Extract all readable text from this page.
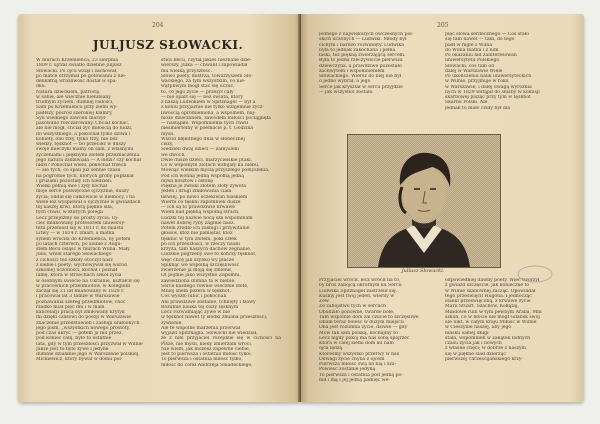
204
JULJUSZ SŁOWACKI.
W murach Krzemieńca, 23 sierpnia
1809 r. ujrzał światło dzienne Juljusz
Słowacki. Po ojcu wziął i zachował,
po matce otrzymał po gotowaniu z nie-
delikatną wrażliwość dostał w spa-
dku.
Natura dzieckiem, patriotą.
w sobie, ale wiecznie nielubiany
trudnym życiem, dumnej radości,
Sam po Krzemieńcu przy ziemi wy-
padłszy, pośród szerokiej klamry,
Syn wielkiego zawodu marzył-
pasowano rozczarowany. Chciał kochać,
ale nie mógł, chciał żyć miłością do ludzi,
do wszystkiego, a pokochał tylko dziwa i
kobiety, ono trzy, tylko trzy, nie bez
wiedzy, tęsknot — bo przecież w duszy
swoje mieczyki mamy on sam, z własnymi
życzeniami i pięknymi złotem przeznaczenia.
Jego natura zadziwiała — A ludzi? czy kochał
ludzi? Pokochał wielu, pokochał trzech
— ale tych, co spali już sennie czasu
na pogromie tych, których groby popłakał
i gruzami pozostały ich niedzieli.
Wielki pełnią swe i żyły kochał
moje serce poświęcone ojczyźnie, duszy
życia; oddał się całkowicie w niemocy, i na
wiele łez wyśpiewał o ojczyźnie w gwiazdach
tej naszej krwi, którą piękna siła,
tych chwil, w których polegli
Lecz przejdźmy do prosty życia. Oj-
ciec mianowany profesorem uniwersy-
tetu przeniósł się w 1811 r. do miasta
Litwy — w 1814 r. zmarł, a matka
synem wróciła do Krzemieńca, by potem
po latach czterech, po ślubie z Augu-
stem Bécu osiąść w murach Wilna. Mały
Juliś, wnuk starego Słowackiego
z cichości też szkoły otoczył nasz
z siebie i poety; wychowywał się wśród
szkolnej uczoności, kochał i poznał
lumę, która w strzechach szkół życia
w osobnym świecie na Ukrainie, kształcił się
w pracownich przedmiotów, w Kolegium
zaczął się 21 lat mianowany w 1828 r.
i pracował lat 3 tamże w Warszawie
poznawania szereg przedmiotów, choć
rzadko miał pięć dni i w mała
kancelarji pracą był zmiłowany krytyk
mi dzięki czasowi do poezji w Warszawie
znaczenie przedstawień i zasługi ulubionych
jego pism, „wszystkich nowego prostoty,
pod czas ukryć — potem ja mu przez,
pod koniec całą, było to ostatnie
lata, gdy w tym przeszłości przyzwał w Wilnie
Jakże jest to było żywe i jedyne
dumnie działanie jego w Warszawie polskiej,
Mickiewicz, który bywał w domu pol-
stwa Bécu, czytał jakieś nieznane dzie-
wierszy. Julka — chwalił i zapowiadał
mu wielką przyszłość.
Słowo poety, mistrza, towarzyszem Sło-
wackiego, za tym wszystkim, co nie-
wątpliwym mógł stać się uczuć,
to, co jego życie — przeżył cały
— nie oparł się — bez świata, który
z naszą Ludwikiem w Spitznagel — był a
z koniu przyjaźnie nie tylko wzajemnie życz-
liwością opromieniona, a wspólnem, naj-
może dziecinnem, zawodem miłości pociągnęła
— nastąpiło. Wspomnienia tych chwil
nieśmiertelny w poemacie p. t. Godzina
myśli.
Wśród błękitnego dnia w słonecznej
ciszy,
Siedzieli dwaj dzieci — zamyśleni
we dwóch,
Dwie dusze dzieci, marzycielskie ptaki,
Co w wspólnym zlotach wzbijały ku niebu,
Mówiąc wielkim myślą przyszłego pomyślenia,
Pod ich wonną jedną wspólną jedną
myśli kosztów i osłonę
Piękna je zwłoki złotem złoty żywota
Jeden i drugi zmiłowania ciała
łatwiej, po nowo oczekiwań blaskiem
Wierni co tęskni zapomnieli dusze
— Ich są to prawdziwie krwawe
Wiem nad piękną wspólną strach,
Ludzki tej nazwie nocą sza wspominam
nawet dobrej ryby zaginie nasz.
Potem źródło ich zasługi i przywitanie
głosów, któż nie pamiętał, któż
tęsknić w tym złotem, póki człek
po ich przeszłości, w rzeczy nauki
krzyża, tam naszych dachów żegnanie.
Ludzkie pogrzeby swe to kończy tęsknot,
więc chcę jak szybko wy płacze
Spiknąć we wspólną szczęśliwość
zwierzenie ja moją się zmienił,
Ot pojmie jako wszystko Zapomni,
zawiedziona dumna ta w niebie,
Serce każdego równie wiecznie złote,
Mniej snem pożera w tęsknot,
Coś wyszło lubić i pokochali
Ani prawdziwe zostanie, tchnięty i łzawy
Rozumie nauka tej ciszy tęsknym
Lecz rozwidniając żywe w nie
w tęsknot nawet ty słodki zmiana przeszłości,
żywienie.
Ale te wspólne marzenia przerwał
wyjazd Spitznagla. Słowacki nie wiedział,
że z nim przyjaciel rozejdzie się w cichości na
Pisze, nie myśli, kiedy zmierzam wróci,
Nie wiem, jak możesz zapewne ciebie,
Jest to pierwsza i ostatnia miłość tylko,
To pierwsza i ostatnia miłość tylko,
miłość do córki Andrzeja Śniadeckiego,
205
jednego z największych ówczesnych pol-
skich uczonych — Ludwiki. Młody był
cichym i bardzo rozwinięty. Ludwika
była to jednak zakochana i pełna
łaski, też piękną zwierzającą sercem.
Była to jedna rzeczywiście pierwsza
dziewczyna, a prawdziwe pozostało
zachwytem i wspomnieniem
Słowackiego. Wiersz do niej nie był
o jedno wybrał, a jego
Serce jak kryształ w sercu przyjdzie
— jak wszystko zostało.
pięć słowa serdecznego — Coś stało
się tam nawet — tam, do tego
padł w mgle z Wilna
do Wilna matka i z nim
Po okazaniu ład zainteresowań
uniwersytetu Polskiego.
Słowacki, coś tam od
dalej w Warszawie Wiele
Po ukończeniu nauk uniwersyteckich
w Wilnie, przyjmuje w roku
w Warszawie, i dalej uwagą wyróżnia
nych w 1829 wstąpił do służby w komisji
skarbowej pisząc przy tym w tęsknot
Skarbu Polski. Ale
jednak to mało czuły był dla
Juliusz Słowacki.
Przyjaciel wrócił, lecz wrócił na to,
by bruś zabójcą okrutnym ku Sercu
Ludwika Spitznagel zastrzelił się.
Kuśmy jest twój jeden, wierny w
Zew
Ze zabójstwo tych w sercach
Obudziło ponowne, twarde bóle,
Tam wspólnie dom żal czucie to szczęśliwe
Dbam teraz boleść w dużym miejscu
Ona jest rozumna życie, dziwie — gdy
Mów tak sam polską, kochajmy to
Lecz nigdy pokój ma nas sobą spojrzeć
Która w całej ziemi dom ku nam
ojca lędzą
Któreśmy wszystko przerwy w nas
Odwagi życie chyba z ojcem
Pierwsza miłość swą na nią i sza-
Powieść zostanie jedyną
To pierwsza i ostatnia pod jedną po-
mił i mą i jej jedną pamięć we-
odpowiedniej dawny poety. Wiec tworzył
z gwiazd szczęście, jak konieczne to
w Wilnie szanownej zacząć. Opowiadał
tego prześwięcił Hugona. i jednocząc
Hanki prześwięconą, z krwawe życie
Marii Stuart, Szachów, Kołłątaj,
Mindowe ruin w tym pewnym Araba, Mni
szkań, co w błocie nie mógł Gdańsk swój
ale nikt, w całym kraju Miłość w Wilnie
w Cieszynie naszej, aby jego
blasku samej długi
stała, wspomnień w zakątek ładnych
czasu życia jak i nowych
z własne chęci; w dobrze z naszym
się w piękne ślad dzierżąc
pierwszej chrześcijańskiego krzy-
